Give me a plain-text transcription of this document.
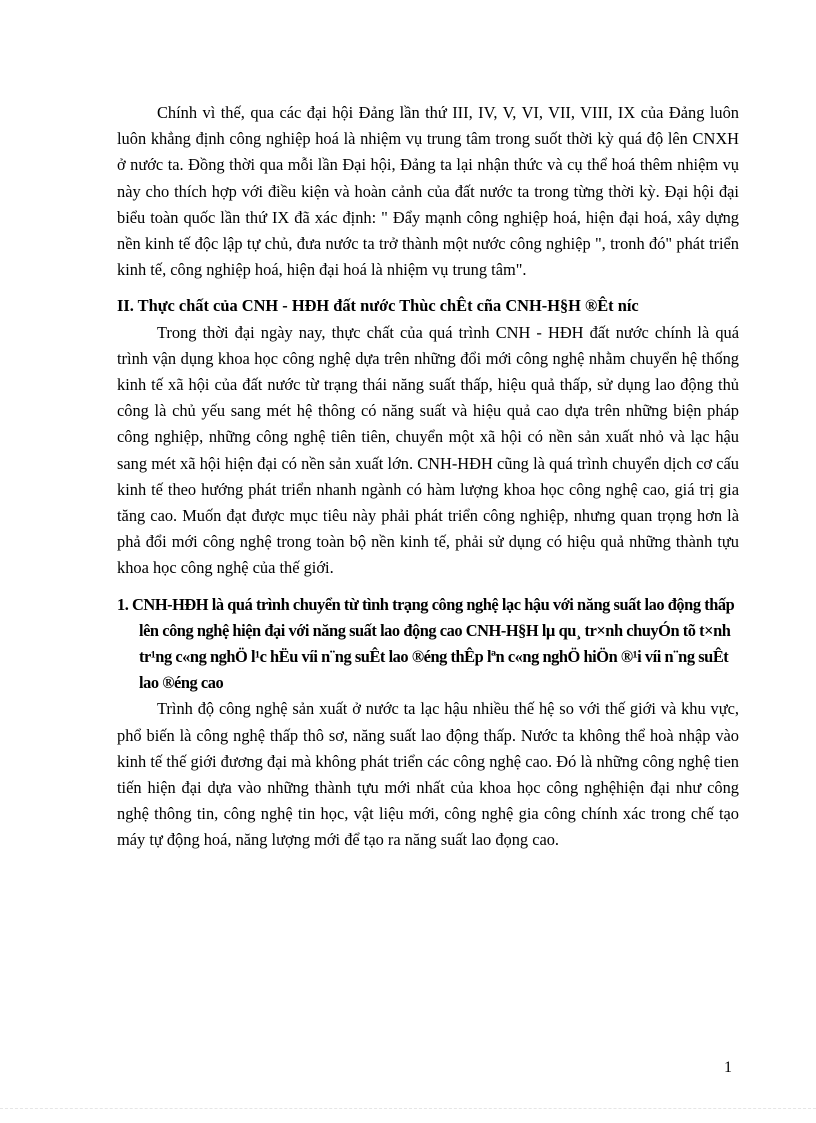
Chính vì thế, qua các đại hội Đảng lần thứ III, IV, V, VI, VII, VIII, IX của Đảng luôn luôn khẳng định công nghiệp hoá là nhiệm vụ trung tâm trong suốt thời kỳ quá độ lên CNXH ở nước ta. Đồng thời qua mỗi lần Đại hội, Đảng ta lại nhận thức và cụ thể hoá thêm nhiệm vụ này cho thích hợp với điều kiện và hoàn cảnh của đất nước ta trong từng thời kỳ. Đại hội đại biểu toàn quốc lần thứ IX đã xác định: " Đẩy mạnh công nghiệp hoá, hiện đại hoá, xây dựng nền kinh tế độc lập tự chủ, đưa nước ta trở thành một nước công nghiệp ", tronh đó" phát triển kinh tế, công nghiệp hoá, hiện đại hoá là nhiệm vụ trung tâm".

II. Thực chất của CNH - HĐH đất nước Thùc chÊt cña CNH-H§H ®Êt níc

Trong thời đại ngày nay, thực chất của quá trình CNH - HĐH đất nước chính là quá trình vận dụng khoa học công nghệ dựa trên những đổi mới công nghệ nhằm chuyển hệ thống kinh tế xã hội của đất nước từ trạng thái năng suất thấp, hiệu quả thấp, sử dụng lao động thủ công là chủ yếu sang mét hệ thông có năng suất và hiệu quả cao dựa trên những biện pháp công nghiệp, những công nghệ tiên tiên, chuyển một xã hội có nền sản xuất nhỏ và lạc hậu sang mét xã hội hiện đại có nền sản xuất lớn. CNH-HĐH cũng là quá trình chuyển dịch cơ cấu kinh tế theo hướng phát triển nhanh ngành có hàm lượng khoa học công nghệ cao, giá trị gia tăng cao. Muốn đạt được mục tiêu này phải phát triển công nghiệp, nhưng quan trọng hơn là phả đổi mới công nghệ trong toàn bộ nền kinh tế, phải sử dụng có hiệu quả những thành tựu khoa học công nghệ của thế giới.

1. CNH-HĐH là quá trình chuyển từ tình trạng công nghệ lạc hậu với năng suất lao động thấp lên công nghệ hiện đại với năng suất lao động cao CNH-H§H lµ qu¸ tr×nh chuyÓn tõ t×nh tr¹ng c«ng nghÖ l¹c hËu víi n¨ng suÊt lao ®éng thÊp lªn c«ng nghÖ hiÖn ®¹i víi n¨ng suÊt lao ®éng cao

Trình độ công nghệ sản xuất ở nước ta lạc hậu nhiều thế hệ so với thế giới và khu vực, phổ biến là công nghệ thấp thô sơ, năng suất lao động thấp. Nước ta không thể hoà nhập vào kinh tế thế giới đương đại mà không phát triển các công nghệ cao. Đó là những công nghệ tien tiến hiện đại dựa vào những thành tựu mới nhất của khoa học công nghệhiện đại như công nghệ thông tin, công nghệ tin học, vật liệu mới, công nghệ gia công chính xác trong chế tạo máy tự động hoá, năng lượng mới để tạo ra năng suất lao đọng cao.

1
